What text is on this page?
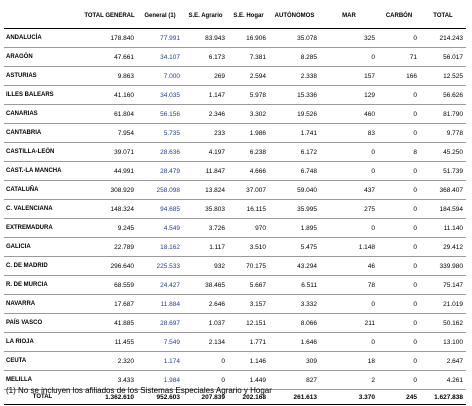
	TOTAL GENERAL	General (1)	S.E. Agrario	S.E. Hogar	AUTÓNOMOS	MAR	CARBÓN	TOTAL
ANDALUCÍA	178.840	77.991	83.943	16.906	35.078	325	0	214.243
ARAGÓN	47.661	34.107	6.173	7.381	8.285	0	71	56.017
ASTURIAS	9.863	7.000	269	2.594	2.338	157	166	12.525
ILLES BALEARS	41.160	34.035	1.147	5.978	15.336	129	0	56.626
CANARIAS	61.804	56.156	2.346	3.302	19.526	460	0	81.790
CANTABRIA	7.954	5.735	233	1.986	1.741	83	0	9.778
CASTILLA-LEÓN	39.071	28.636	4.197	6.238	6.172	0	8	45.250
CAST.-LA MANCHA	44.991	28.479	11.847	4.666	6.748	0	0	51.739
CATALUÑA	308.929	258.098	13.824	37.007	59.040	437	0	368.407
C. VALENCIANA	148.324	94.685	35.803	16.115	35.995	275	0	184.594
EXTREMADURA	9.245	4.549	3.726	970	1.895	0	0	11.140
GALICIA	22.789	18.162	1.117	3.510	5.475	1.148	0	29.412
C. DE MADRID	296.640	225.533	932	70.175	43.294	46	0	339.980
R. DE MURCIA	68.559	24.427	38.465	5.667	6.511	78	0	75.147
NAVARRA	17.687	11.884	2.646	3.157	3.332	0	0	21.019
PAÍS VASCO	41.885	28.697	1.037	12.151	8.066	211	0	50.162
LA RIOJA	11.455	7.549	2.134	1.771	1.646	0	0	13.100
CEUTA	2.320	1.174	0	1.146	309	18	0	2.647
MELILLA	3.433	1.984	0	1.449	827	2	0	4.261
TOTAL	1.362.610	952.603	207.839	202.168	261.613	3.370	245	1.627.838
(1) No se incluyen los afiliados de los Sistemas Especiales Agrario y Hogar
